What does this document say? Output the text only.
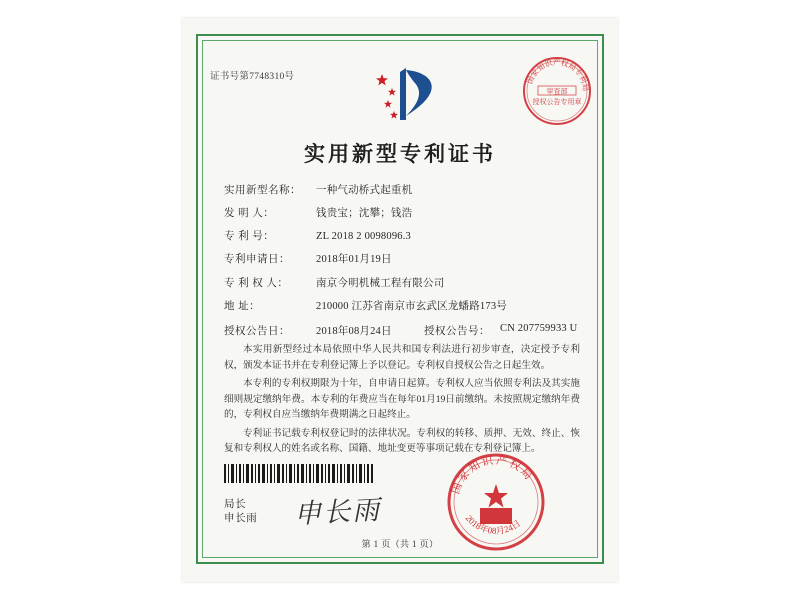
证书号第7748310号	国家知识产权局专利局
审查部
授权公告专用章
实用新型专利证书
实用新型名称：	一种气动桥式起重机
发 明 人：	钱贵宝；沈攀；钱浩
专 利 号：	ZL 2018 2 0098096.3
专利申请日：	2018年01月19日
专 利 权 人：	南京今明机械工程有限公司
地 址：	210000 江苏省南京市玄武区龙蟠路173号
授权公告日：	2018年08月24日	授权公告号： CN 207759933 U

本实用新型经过本局依照中华人民共和国专利法进行初步审查，决定授予专利权，颁发本证书并在专利登记簿上予以登记。专利权自授权公告之日起生效。

本专利的专利权期限为十年，自申请日起算。专利权人应当依照专利法及其实施细则规定缴纳年费。本专利的年费应当在每年01月19日前缴纳。未按照规定缴纳年费的，专利权自应当缴纳年费期满之日起终止。

专利证书记载专利权登记时的法律状况。专利权的转移、质押、无效、终止、恢复和专利权人的姓名或名称、国籍、地址变更等事项记载在专利登记簿上。

局长
申长雨 申长雨
国家知识产权局
2018年08月24日
第 1 页（共 1 页）
